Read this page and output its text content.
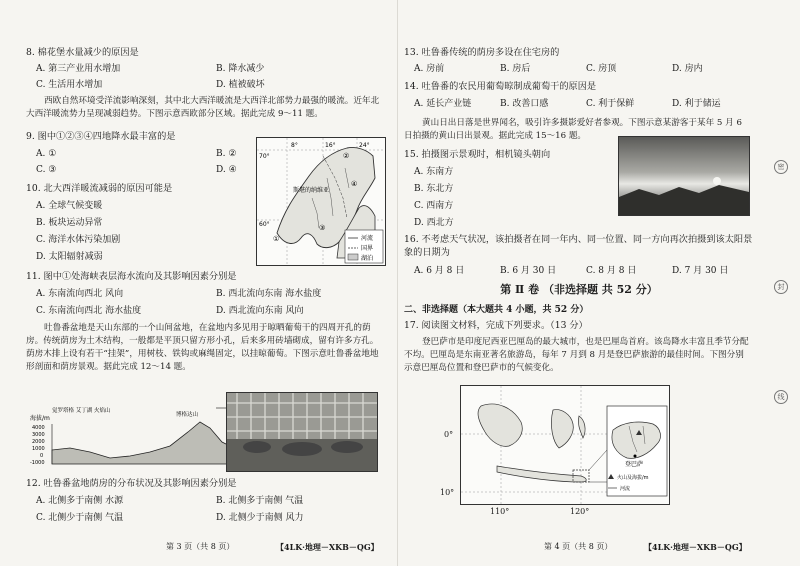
8. 棉花堡水量减少的原因是
A. 第三产业用水增加	B. 降水减少
C. 生活用水增加	D. 植被破坏
西欧自然环境受洋流影响深刻，其中北大西洋暖流是大西洋北部势力最强的暖流。近年北大西洋暖流势力呈现减弱趋势。下图示意西欧部分区域。据此完成 9～11 题。
9. 图中①②③④四地降水最丰富的是
A. ①	B. ②
C. ③	D. ④
10. 北大西洋暖流减弱的原因可能是
A. 全球气候变暖
B. 板块运动异常
C. 海洋水体污染加剧
D. 太阳辐射减弱
8°	16°	24°
70°
60°
斯堪的纳维亚
①
②
③
④
河流
国界
湖泊
11. 图中①处海峡表层海水流向及其影响因素分别是
A. 东南流向西北 风向	B. 西北流向东南 海水盐度
C. 东南流向西北 海水盐度	D. 西北流向东南 风向
吐鲁番盆地是天山东部的一个山间盆地，在盆地内多见用于晾晒葡萄干的四周开孔的荫房。传统荫房为土木结构，一般都是平顶只留方形小孔，后来多用砖墙砌成，留有许多方孔。荫房木排上设有若干“挂架”，用树枝、铁钩或麻绳固定，以挂晾葡萄。下图示意吐鲁番盆地地形剖面和荫房景观。据此完成 12～14 题。
海拔/m
觉罗塔格 艾丁湖 火焰山
博格达山
4000
3000
2000
1000
0
-1000
12. 吐鲁番盆地荫房的分布状况及其影响因素分别是
A. 北侧多于南侧 水源	B. 北侧多于南侧 气温
C. 北侧少于南侧 气温	D. 北侧少于南侧 风力
第 3 页（共 8 页）	【4LK·地理－XKB－QG】
13. 吐鲁番传统的荫房多设在住宅房的
A. 房前	B. 房后	C. 房顶	D. 房内
14. 吐鲁番的农民用葡萄晾制成葡萄干的原因是
A. 延长产业链	B. 改善口感	C. 利于保鲜	D. 利于储运
黄山日出日落是世界闻名，吸引许多摄影爱好者参观。下图示意某游客于某年 5 月 6 日拍摄的黄山日出景观。据此完成 15～16 题。
15. 拍摄图示景观时，相机镜头朝向
A. 东南方
B. 东北方
C. 西南方
D. 西北方
16. 不考虑天气状况，该拍摄者在同一年内、同一位置、同一方向再次拍摄到该太阳景象的日期为
A. 6 月 8 日	B. 6 月 30 日	C. 8 月 8 日	D. 7 月 30 日
第 Ⅱ 卷 （非选择题 共 52 分）
二、非选择题（本大题共 4 小题，共 52 分）
17. 阅读图文材料，完成下列要求。（13 分）
登巴萨市是印度尼西亚巴厘岛的最大城市，也是巴厘岛首府。该岛降水丰富且季节分配不均。巴厘岛是东南亚著名旅游岛，每年 7 月到 8 月是登巴萨旅游的最佳时间。下图分别示意巴厘岛位置和登巴萨市的气候变化。
登巴萨
火山及海拔/m
河流
0°
10°
110°	120°
第 4 页（共 8 页）	【4LK·地理－XKB－QG】
密
封
线
